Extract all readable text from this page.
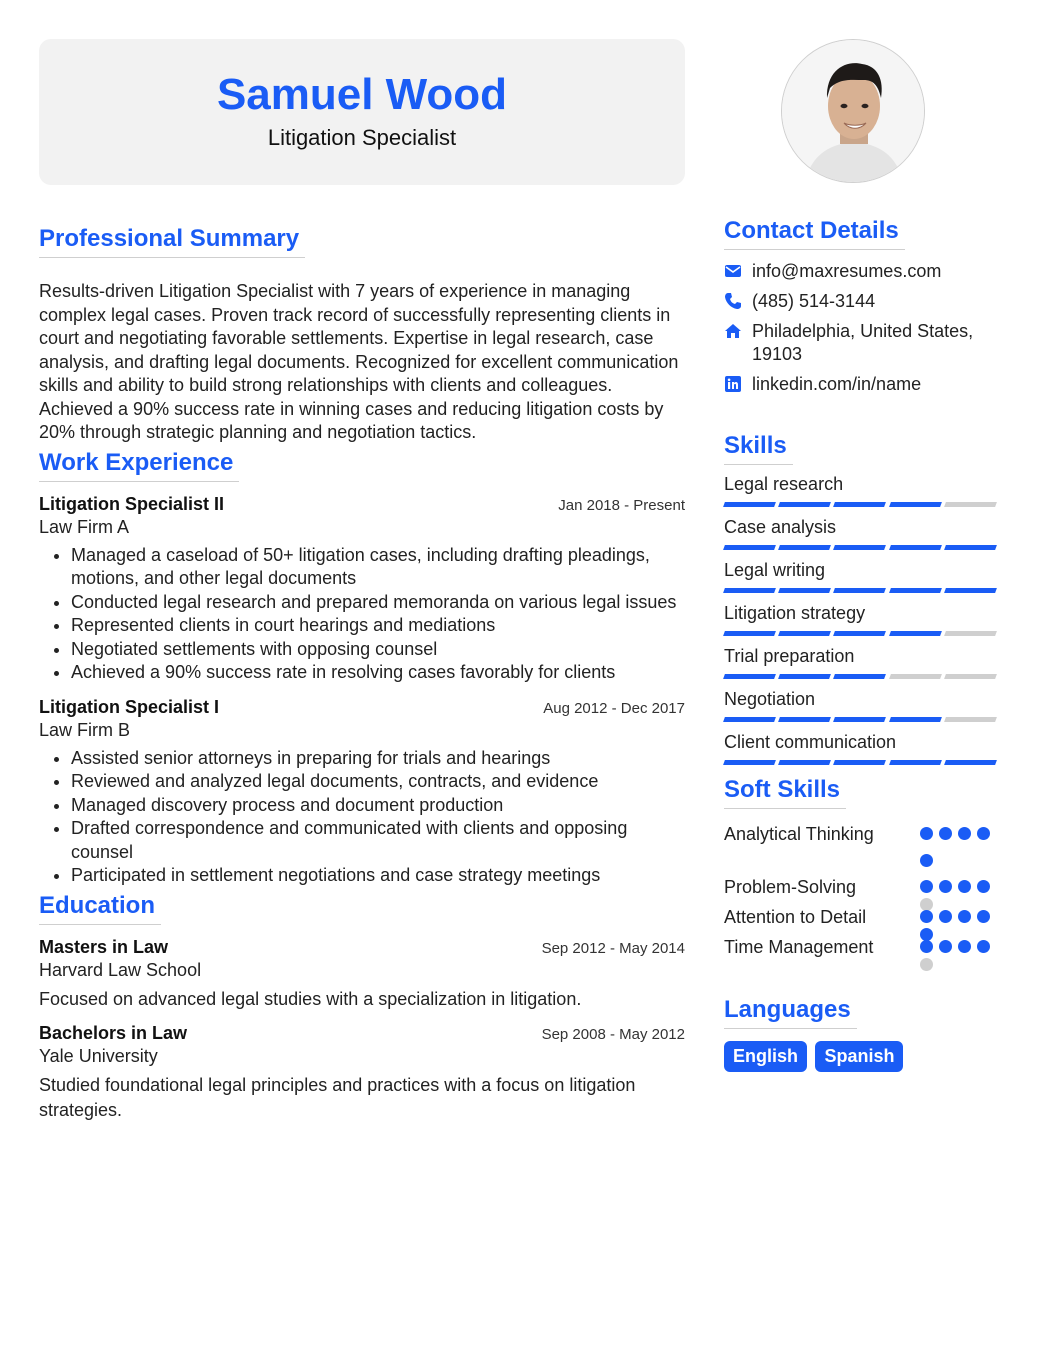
Samuel Wood
Litigation Specialist
Professional Summary
Results-driven Litigation Specialist with 7 years of experience in managing complex legal cases. Proven track record of successfully representing clients in court and negotiating favorable settlements. Expertise in legal research, case analysis, and drafting legal documents. Recognized for excellent communication skills and ability to build strong relationships with clients and colleagues. Achieved a 90% success rate in winning cases and reducing litigation costs by 20% through strategic planning and negotiation tactics.
Work Experience
Litigation Specialist II	Jan 2018 - Present
Law Firm A
• Managed a caseload of 50+ litigation cases, including drafting pleadings, motions, and other legal documents
• Conducted legal research and prepared memoranda on various legal issues
• Represented clients in court hearings and mediations
• Negotiated settlements with opposing counsel
• Achieved a 90% success rate in resolving cases favorably for clients
Litigation Specialist I	Aug 2012 - Dec 2017
Law Firm B
• Assisted senior attorneys in preparing for trials and hearings
• Reviewed and analyzed legal documents, contracts, and evidence
• Managed discovery process and document production
• Drafted correspondence and communicated with clients and opposing counsel
• Participated in settlement negotiations and case strategy meetings
Education
Masters in Law	Sep 2012 - May 2014
Harvard Law School
Focused on advanced legal studies with a specialization in litigation.
Bachelors in Law	Sep 2008 - May 2012
Yale University
Studied foundational legal principles and practices with a focus on litigation strategies.
Contact Details
info@maxresumes.com
(485) 514-3144
Philadelphia, United States, 19103
linkedin.com/in/name
Skills
Legal research
Case analysis
Legal writing
Litigation strategy
Trial preparation
Negotiation
Client communication
Soft Skills
Analytical Thinking
Problem-Solving
Attention to Detail
Time Management
Languages
English Spanish
